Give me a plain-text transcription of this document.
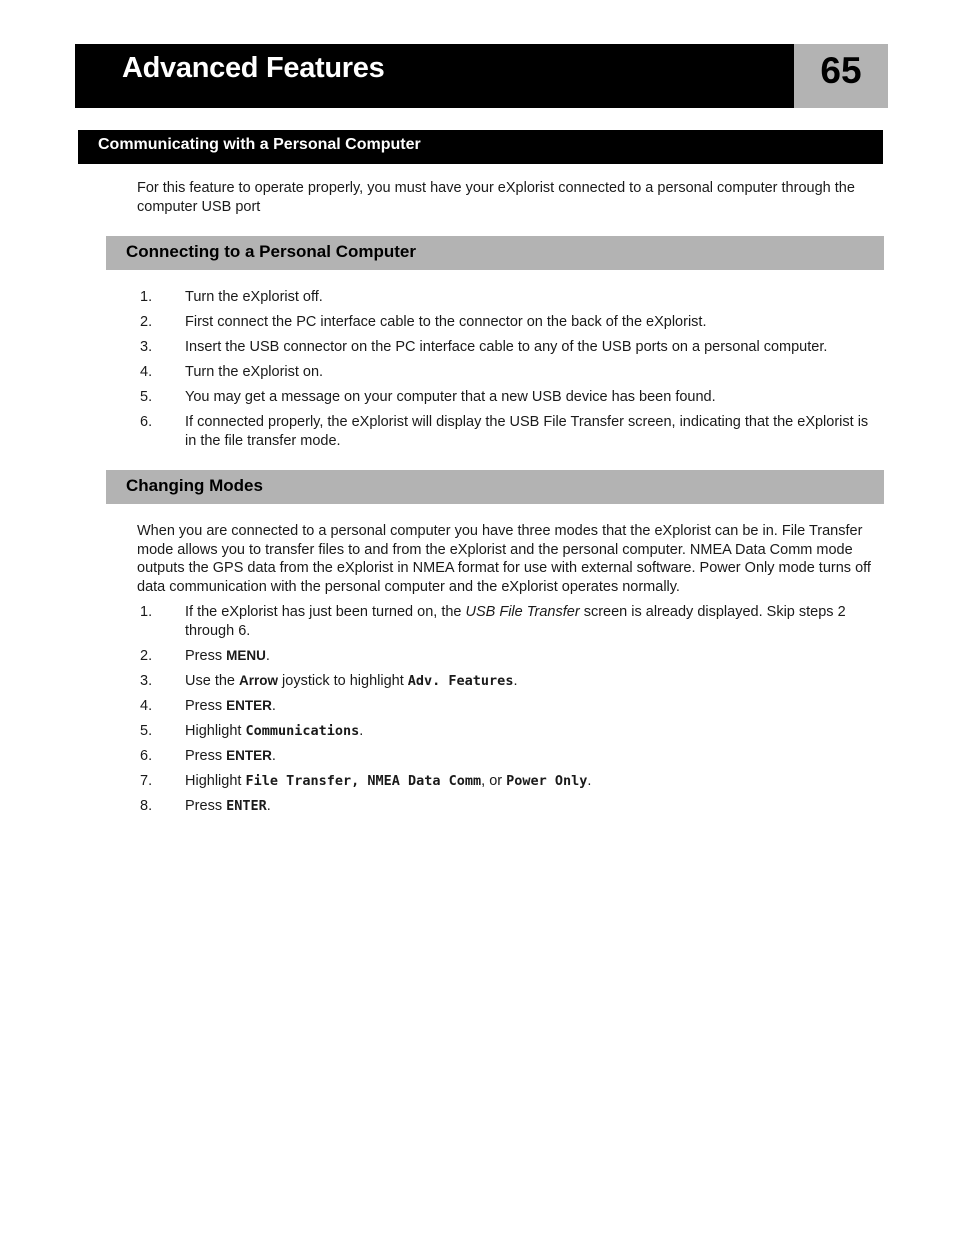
Advanced Features	65
Communicating with a Personal Computer
For this feature to operate properly, you must have your eXplorist connected to a personal computer through the computer USB port
Connecting to a Personal Computer
1. Turn the eXplorist off.
2. First connect the PC interface cable to the connector on the back of the eXplorist.
3. Insert the USB connector on the PC interface cable to any of the USB ports on a personal computer.
4. Turn the eXplorist on.
5. You may get a message on your computer that a new USB device has been found.
6. If connected properly, the eXplorist will display the USB File Transfer screen, indicating that the eXplorist is in the file transfer mode.
Changing Modes
When you are connected to a personal computer you have three modes that the eXplorist can be in. File Transfer mode allows you to transfer files to and from the eXplorist and the personal computer. NMEA Data Comm mode outputs the GPS data from the eXplorist in NMEA format for use with external software. Power Only mode turns off data communication with the personal computer and the eXplorist operates normally.
1. If the eXplorist has just been turned on, the USB File Transfer screen is already displayed. Skip steps 2 through 6.
2. Press MENU.
3. Use the Arrow joystick to highlight Adv. Features.
4. Press ENTER.
5. Highlight Communications.
6. Press ENTER.
7. Highlight File Transfer, NMEA Data Comm, or Power Only.
8. Press ENTER.
